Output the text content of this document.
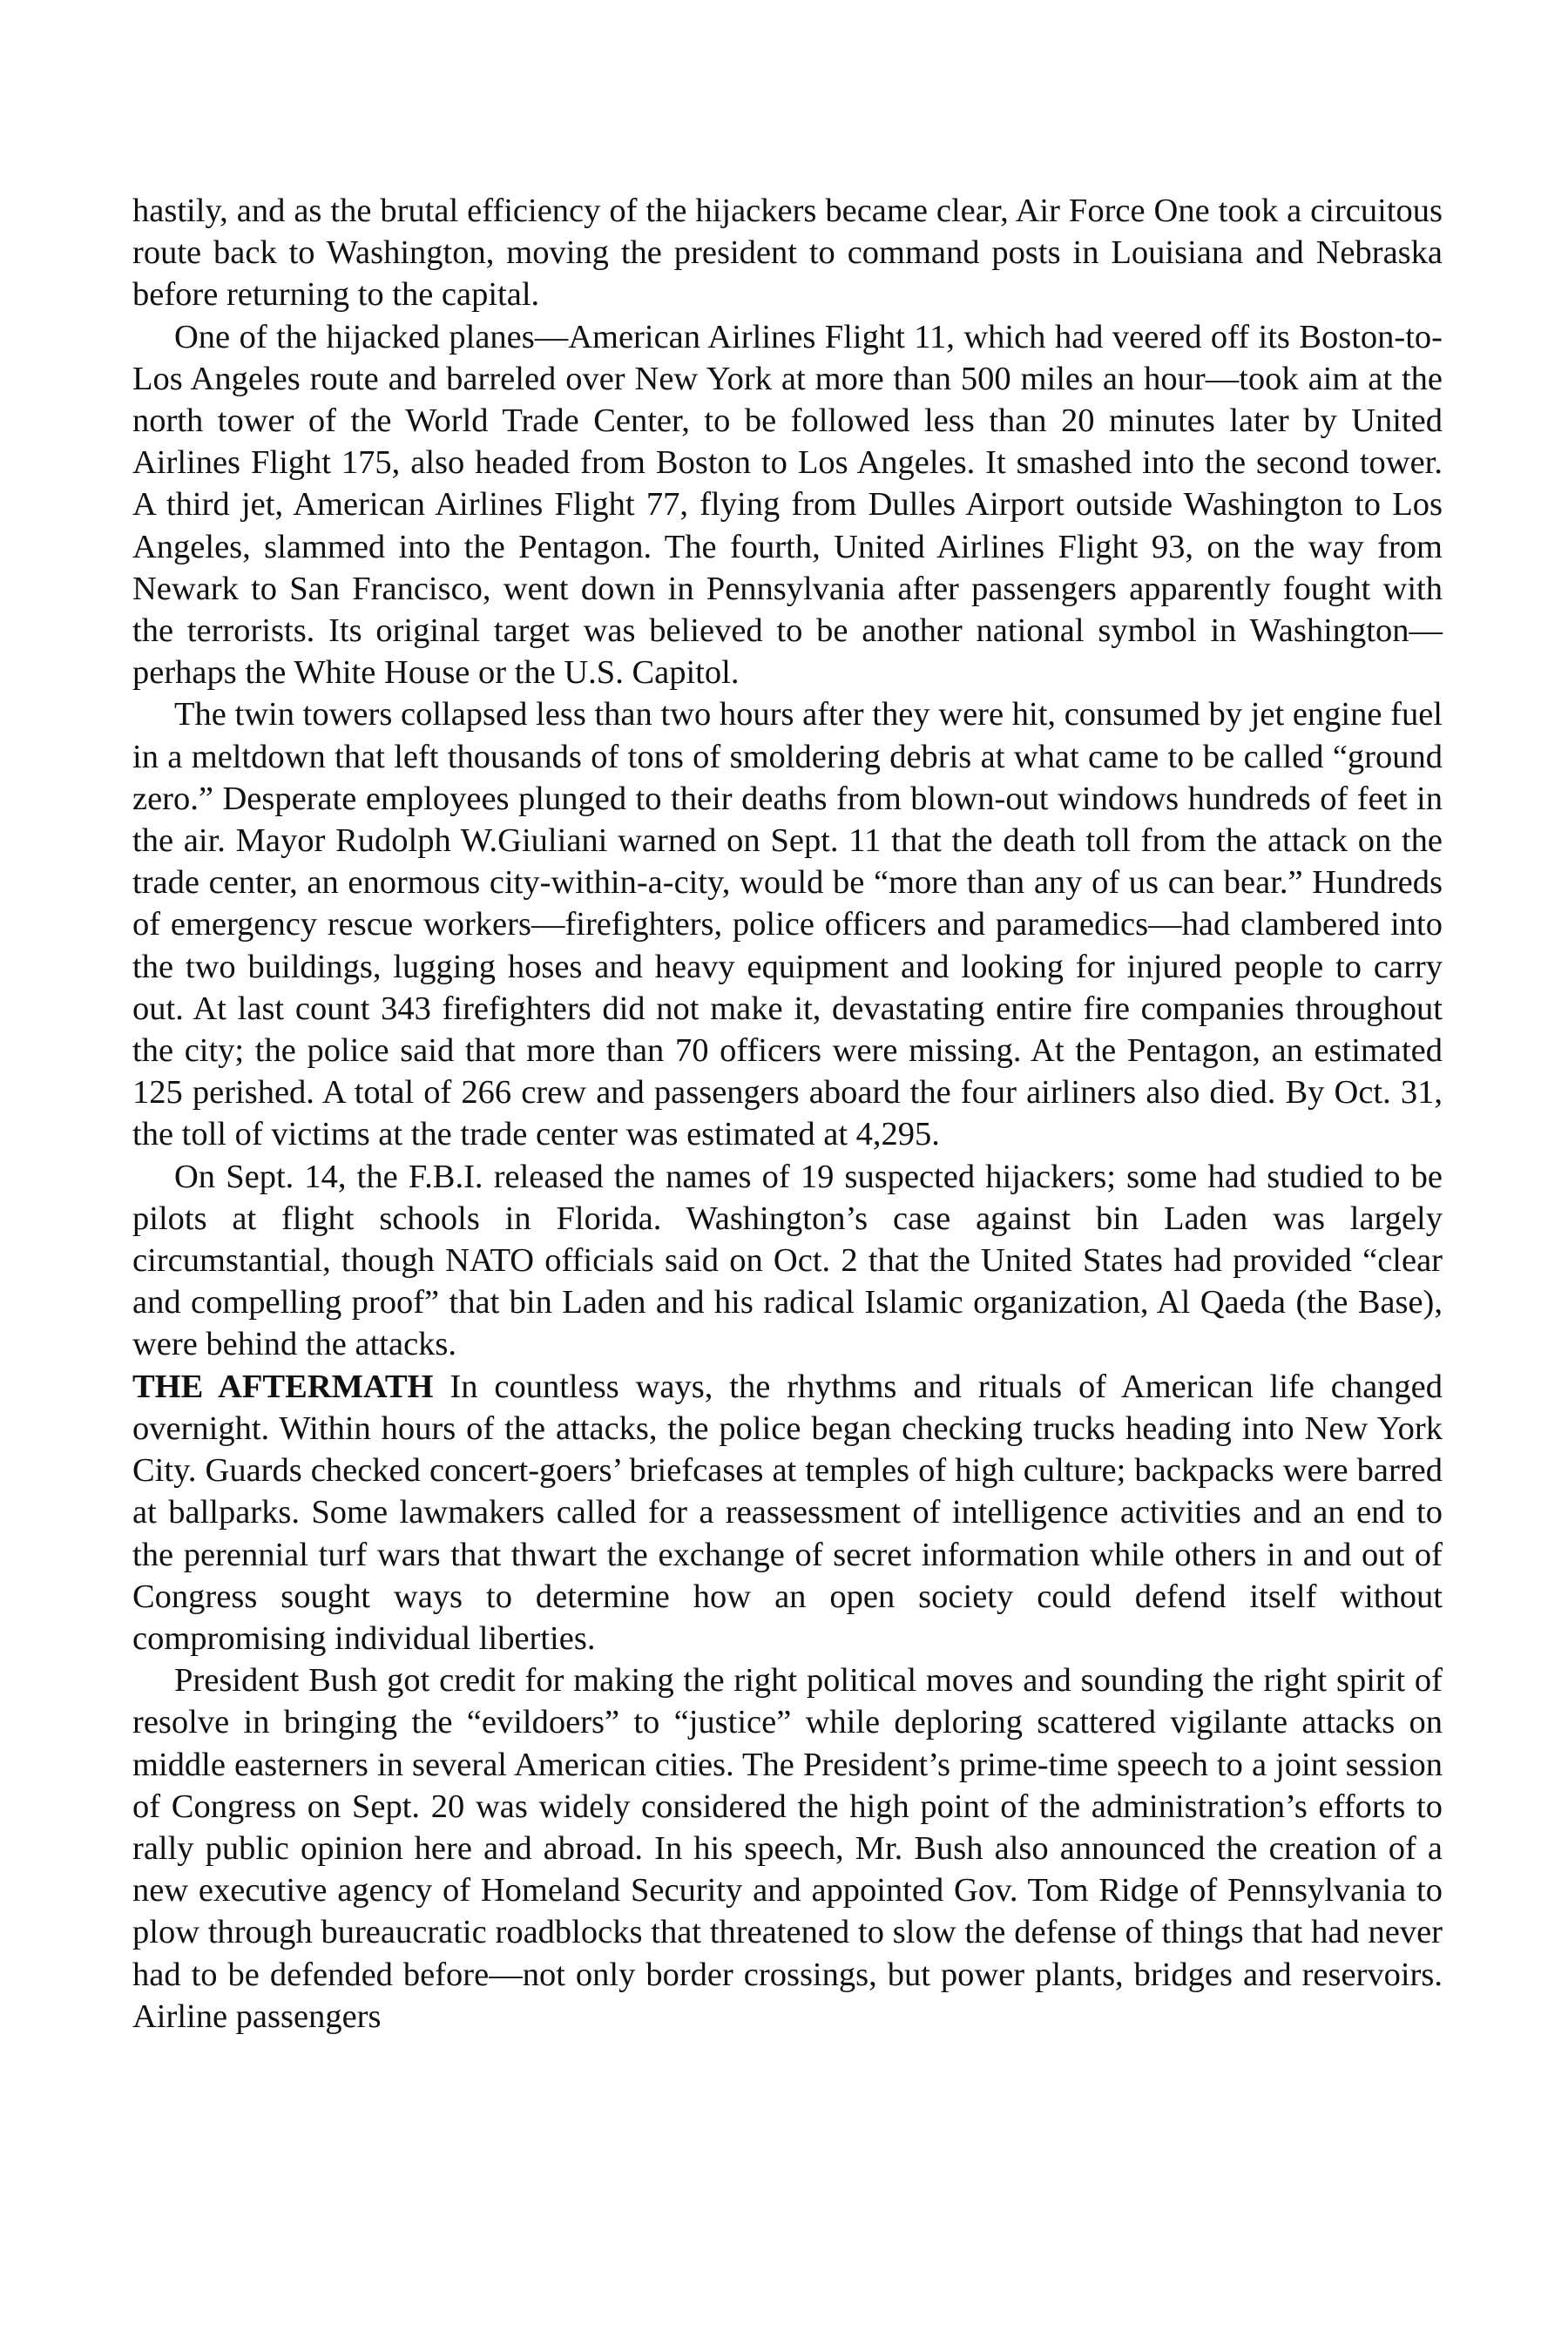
hastily, and as the brutal efficiency of the hijackers became clear, Air Force One took a circuitous route back to Washington, moving the president to command posts in Louisiana and Nebraska before returning to the capital.

One of the hijacked planes—American Airlines Flight 11, which had veered off its Boston-to-Los Angeles route and barreled over New York at more than 500 miles an hour—took aim at the north tower of the World Trade Center, to be followed less than 20 minutes later by United Airlines Flight 175, also headed from Boston to Los Angeles. It smashed into the second tower. A third jet, American Airlines Flight 77, flying from Dulles Airport outside Washington to Los Angeles, slammed into the Pentagon. The fourth, United Airlines Flight 93, on the way from Newark to San Francisco, went down in Pennsylvania after passengers apparently fought with the terrorists. Its original target was believed to be another national symbol in Washington—perhaps the White House or the U.S. Capitol.

The twin towers collapsed less than two hours after they were hit, consumed by jet engine fuel in a meltdown that left thousands of tons of smoldering debris at what came to be called “ground zero.” Desperate employees plunged to their deaths from blown-out windows hundreds of feet in the air. Mayor Rudolph W.Giuliani warned on Sept. 11 that the death toll from the attack on the trade center, an enormous city-within-a-city, would be “more than any of us can bear.” Hundreds of emergency rescue workers—firefighters, police officers and paramedics—had clambered into the two buildings, lugging hoses and heavy equipment and looking for injured people to carry out. At last count 343 firefighters did not make it, devastating entire fire companies throughout the city; the police said that more than 70 officers were missing. At the Pentagon, an estimated 125 perished. A total of 266 crew and passengers aboard the four airliners also died. By Oct. 31, the toll of victims at the trade center was estimated at 4,295.

On Sept. 14, the F.B.I. released the names of 19 suspected hijackers; some had studied to be pilots at flight schools in Florida. Washington’s case against bin Laden was largely circumstantial, though NATO officials said on Oct. 2 that the United States had provided “clear and compelling proof” that bin Laden and his radical Islamic organization, Al Qaeda (the Base), were behind the attacks.

THE AFTERMATH In countless ways, the rhythms and rituals of American life changed overnight. Within hours of the attacks, the police began checking trucks heading into New York City. Guards checked concert-goers’ briefcases at temples of high culture; backpacks were barred at ballparks. Some lawmakers called for a reassessment of intelligence activities and an end to the perennial turf wars that thwart the exchange of secret information while others in and out of Congress sought ways to determine how an open society could defend itself without compromising individual liberties.

President Bush got credit for making the right political moves and sounding the right spirit of resolve in bringing the “evildoers” to “justice” while deploring scattered vigilante attacks on middle easterners in several American cities. The President’s prime-time speech to a joint session of Congress on Sept. 20 was widely considered the high point of the administration’s efforts to rally public opinion here and abroad. In his speech, Mr. Bush also announced the creation of a new executive agency of Homeland Security and appointed Gov. Tom Ridge of Pennsylvania to plow through bureaucratic roadblocks that threatened to slow the defense of things that had never had to be defended before—not only border crossings, but power plants, bridges and reservoirs. Airline passengers
